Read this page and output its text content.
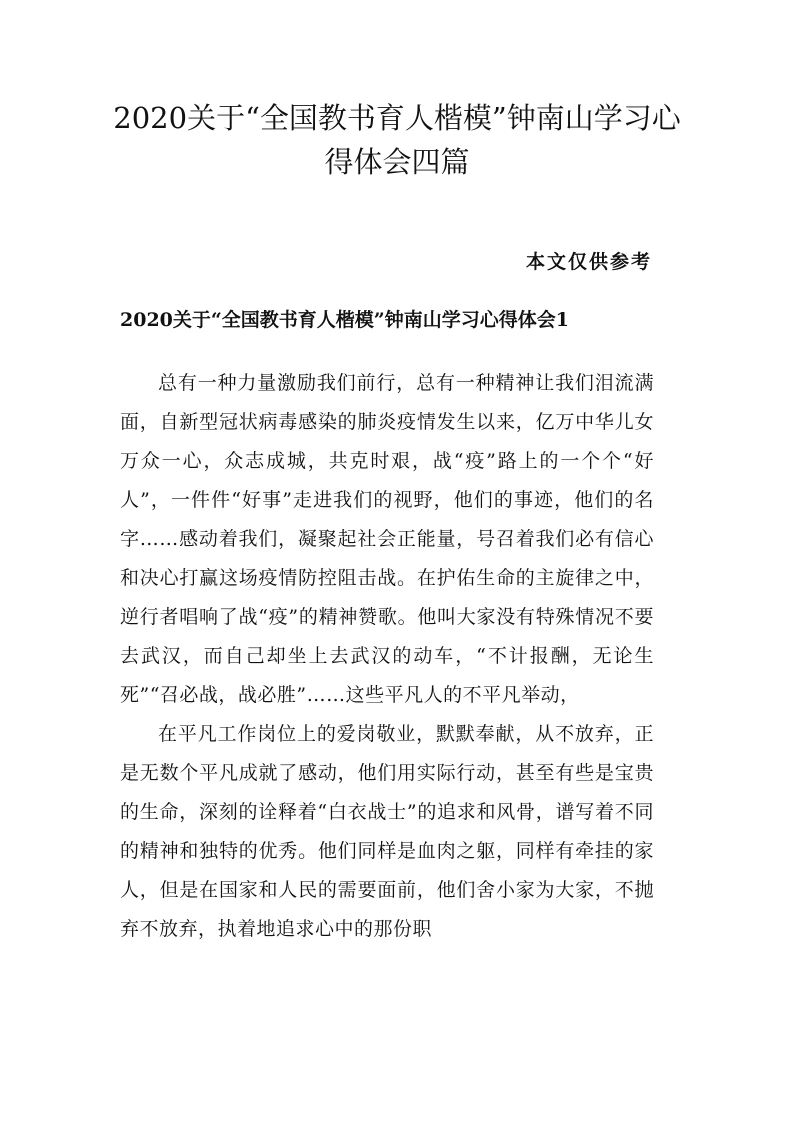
2020关于“全国教书育人楷模”钟南山学习心得体会四篇
本文仅供参考
2020关于“全国教书育人楷模”钟南山学习心得体会1

总有一种力量激励我们前行，总有一种精神让我们泪流满面，自新型冠状病毒感染的肺炎疫情发生以来，亿万中华儿女万众一心，众志成城，共克时艰，战“疫”路上的一个个“好人”，一件件“好事”走进我们的视野，他们的事迹，他们的名字……感动着我们，凝聚起社会正能量，号召着我们必有信心和决心打赢这场疫情防控阻击战。在护佑生命的主旋律之中，逆行者唱响了战“疫”的精神赞歌。他叫大家没有特殊情况不要去武汉，而自己却坐上去武汉的动车，“不计报酬，无论生死”“召必战，战必胜”……这些平凡人的不平凡举动，

在平凡工作岗位上的爱岗敬业，默默奉献，从不放弃，正是无数个平凡成就了感动，他们用实际行动，甚至有些是宝贵的生命，深刻的诠释着“白衣战士”的追求和风骨，谱写着不同的精神和独特的优秀。他们同样是血肉之躯，同样有牵挂的家人，但是在国家和人民的需要面前，他们舍小家为大家，不抛弃不放弃，执着地追求心中的那份职
